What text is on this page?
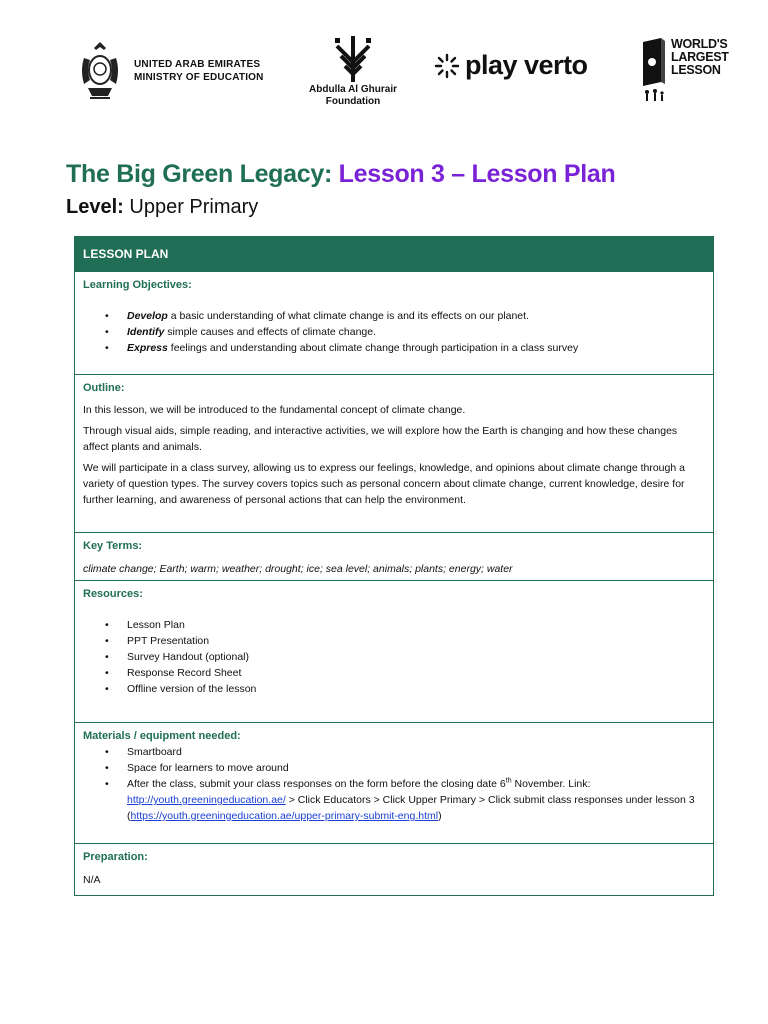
UNITED ARAB EMIRATES
MINISTRY OF EDUCATION
Abdulla Al Ghurair
Foundation
play verto
WORLD'S
LARGEST
LESSON
The Big Green Legacy: Lesson 3 – Lesson Plan
Level: Upper Primary
LESSON PLAN
Learning Objectives:
• Develop a basic understanding of what climate change is and its effects on our planet.
• Identify simple causes and effects of climate change.
• Express feelings and understanding about climate change through participation in a class survey
Outline:

In this lesson, we will be introduced to the fundamental concept of climate change.

Through visual aids, simple reading, and interactive activities, we will explore how the Earth is changing and how these changes affect plants and animals.

We will participate in a class survey, allowing us to express our feelings, knowledge, and opinions about climate change through a variety of question types. The survey covers topics such as personal concern about climate change, current knowledge, desire for further learning, and awareness of personal actions that can help the environment.

Key Terms:

climate change; Earth; warm; weather; drought; ice; sea level; animals; plants; energy; water

Resources:
• Lesson Plan
• PPT Presentation
• Survey Handout (optional)
• Response Record Sheet
• Offline version of the lesson
Materials / equipment needed:
• Smartboard
• Space for learners to move around
• After the class, submit your class responses on the form before the closing date 6th November. Link:
http://youth.greeningeducation.ae/ > Click Educators > Click Upper Primary > Click submit class responses under lesson 3 (https://youth.greeningeducation.ae/upper-primary-submit-eng.html)
Preparation:

N/A
